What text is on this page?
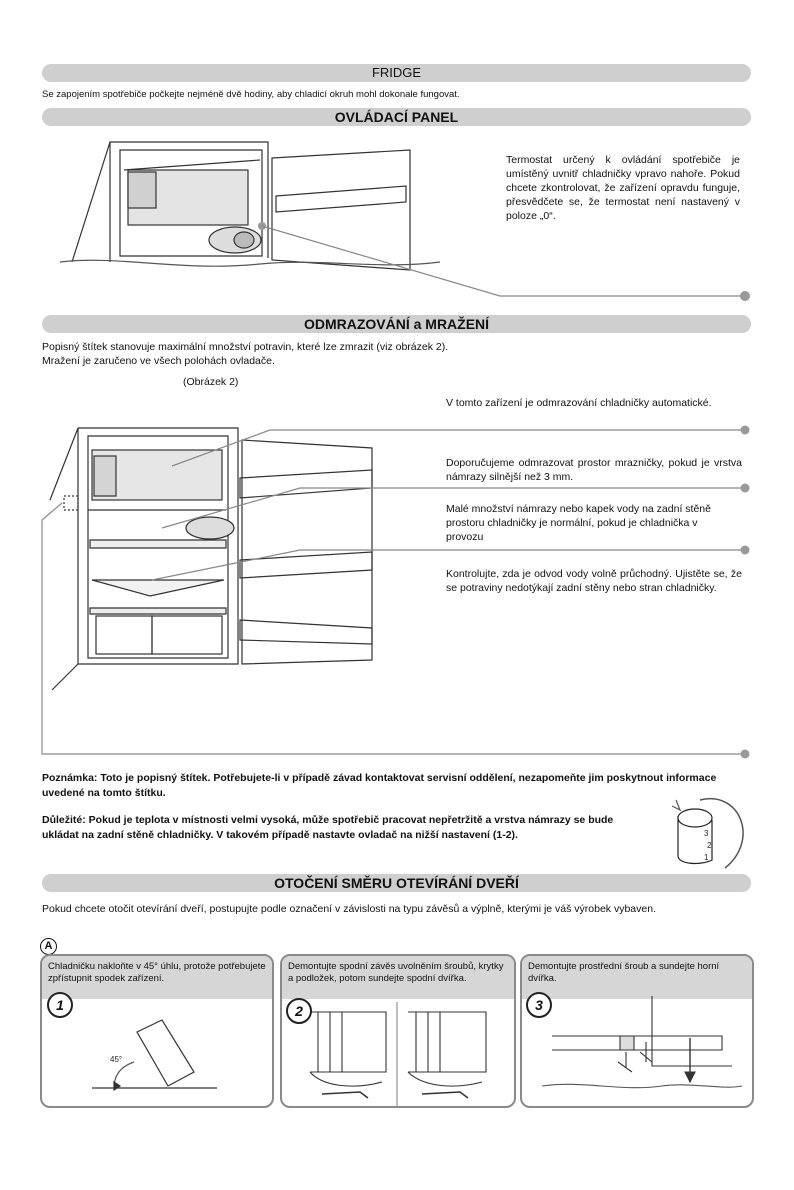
FRIDGE
Se zapojením spotřebiče počkejte nejméně dvě hodiny, aby chladicí okruh mohl dokonale fungovat.
OVLÁDACÍ PANEL
Termostat určený k ovládání spotřebiče je umístěný uvnitř chladničky vpravo nahoře. Pokud chcete zkontrolovat, že zařízení opravdu funguje, přesvědčete se, že termostat není nastavený v poloze „0“.
ODMRAZOVÁNÍ a MRAŽENÍ
Popisný štítek stanovuje maximální množství potravin, které lze zmrazit (viz obrázek 2).
Mražení je zaručeno ve všech polohách ovladače.
(Obrázek 2)
V tomto zařízení je odmrazování chladničky automatické.
Doporučujeme odmrazovat prostor mrazničky, pokud je vrstva námrazy silnější než 3 mm.
Malé množství námrazy nebo kapek vody na zadní stěně prostoru chladničky je normální, pokud je chladnička v provozu
Kontrolujte, zda je odvod vody volně průchodný. Ujistěte se, že se potraviny nedotýkají zadní stěny nebo stran chladničky.
Poznámka: Toto je popisný štítek. Potřebujete-li v případě závad kontaktovat servisní oddělení, nezapomeňte jim poskytnout informace uvedené na tomto štítku.
Důležité: Pokud je teplota v místnosti velmi vysoká, může spotřebič pracovat nepřetržitě a vrstva námrazy se bude ukládat na zadní stěně chladničky. V takovém případě nastavte ovladač na nižší nastavení (1-2).
OTOČENÍ SMĚRU OTEVÍRÁNÍ DVEŘÍ
Pokud chcete otočit otevírání dveří, postupujte podle označení v závislosti na typu závěsů a výplně, kterými je váš výrobek vybaven.
A
3
2
1
Chladničku nakloňte v 45° úhlu, protože potřebujete zpřístupnit spodek zařízení.
45°
1
Demontujte spodní závěs uvolněním šroubů, krytky a podložek, potom sundejte spodní dvířka.
2
Demontujte prostřední šroub a sundejte horní dvířka.
3
